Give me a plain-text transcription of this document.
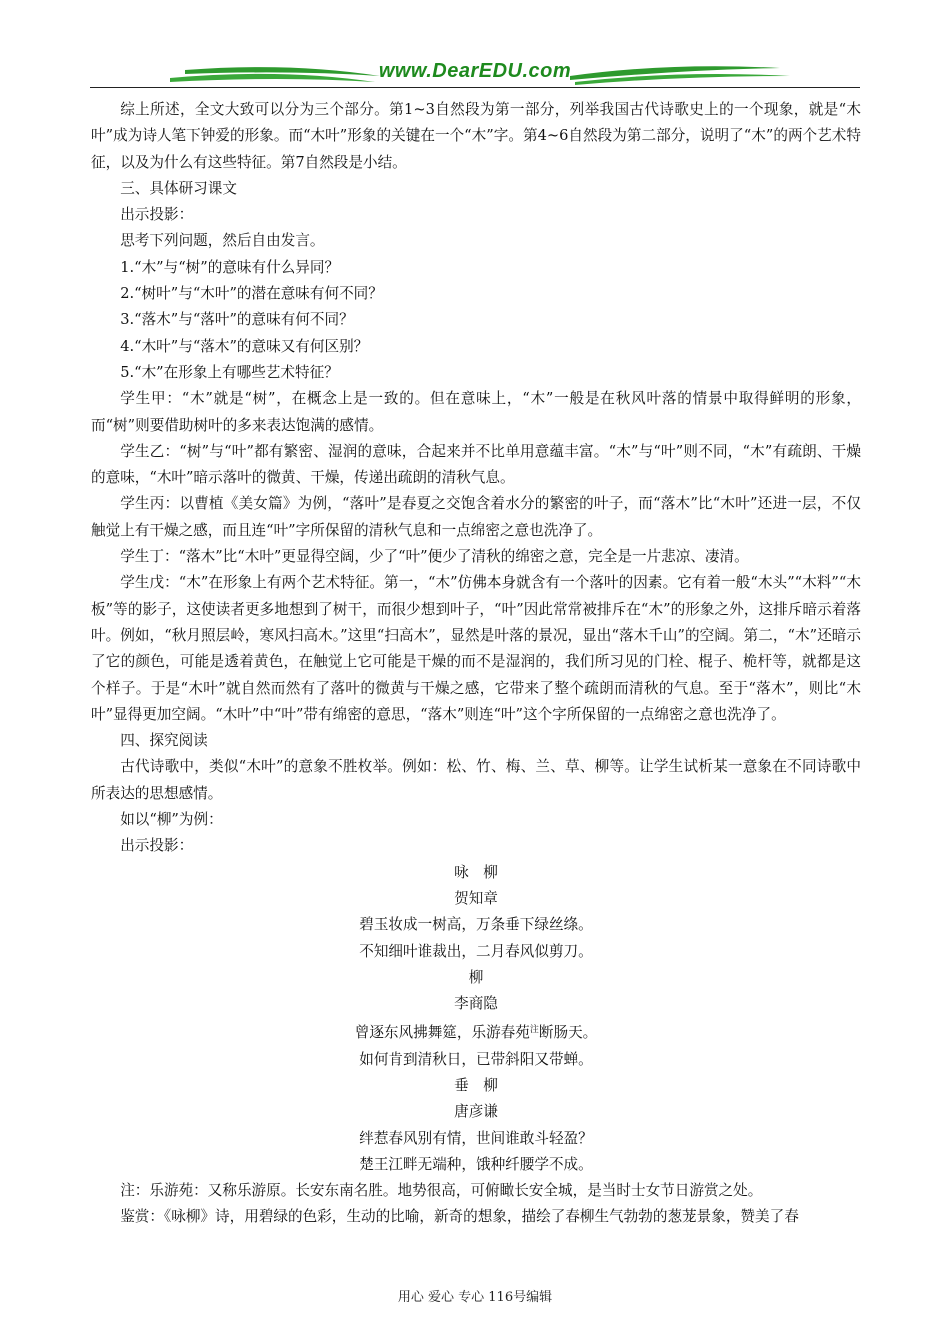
www.DearEDU.com

综上所述，全文大致可以分为三个部分。第1~3自然段为第一部分，列举我国古代诗歌史上的一个现象，就是“木叶”成为诗人笔下钟爱的形象。而“木叶”形象的关键在一个“木”字。第4~6自然段为第二部分，说明了“木”的两个艺术特征，以及为什么有这些特征。第7自然段是小结。

三、具体研习课文

出示投影：

思考下列问题，然后自由发言。

1.“木”与“树”的意味有什么异同？

2.“树叶”与“木叶”的潜在意味有何不同？

3.“落木”与“落叶”的意味有何不同？

4.“木叶”与“落木”的意味又有何区别？

5.“木”在形象上有哪些艺术特征？

学生甲：“木”就是“树”，在概念上是一致的。但在意味上，“木”一般是在秋风叶落的情景中取得鲜明的形象，而“树”则要借助树叶的多来表达饱满的感情。

学生乙：“树”与“叶”都有繁密、湿润的意味，合起来并不比单用意蕴丰富。“木”与“叶”则不同，“木”有疏朗、干燥的意味，“木叶”暗示落叶的微黄、干燥，传递出疏朗的清秋气息。

学生丙：以曹植《美女篇》为例，“落叶”是春夏之交饱含着水分的繁密的叶子，而“落木”比“木叶”还进一层，不仅触觉上有干燥之感，而且连“叶”字所保留的清秋气息和一点绵密之意也洗净了。

学生丁：“落木”比“木叶”更显得空阔，少了“叶”便少了清秋的绵密之意，完全是一片悲凉、凄清。

学生戊：“木”在形象上有两个艺术特征。第一，“木”仿佛本身就含有一个落叶的因素。它有着一般“木头”“木料”“木板”等的影子，这使读者更多地想到了树干，而很少想到叶子，“叶”因此常常被排斥在“木”的形象之外，这排斥暗示着落叶。例如，“秋月照层岭，寒风扫高木。”这里“扫高木”，显然是叶落的景况，显出“落木千山”的空阔。第二，“木”还暗示了它的颜色，可能是透着黄色，在触觉上它可能是干燥的而不是湿润的，我们所习见的门栓、棍子、桅杆等，就都是这个样子。于是“木叶”就自然而然有了落叶的微黄与干燥之感，它带来了整个疏朗而清秋的气息。至于“落木”，则比“木叶”显得更加空阔。“木叶”中“叶”带有绵密的意思，“落木”则连“叶”这个字所保留的一点绵密之意也洗净了。

四、探究阅读

古代诗歌中，类似“木叶”的意象不胜枚举。例如：松、竹、梅、兰、草、柳等。让学生试析某一意象在不同诗歌中所表达的思想感情。

如以“柳”为例：

出示投影：

咏　柳

贺知章

碧玉妆成一树高，万条垂下绿丝绦。

不知细叶谁裁出，二月春风似剪刀。

柳

李商隐

曾逐东风拂舞筵，乐游春苑$^注$断肠天。

如何肯到清秋日，已带斜阳又带蝉。

垂　柳

唐彦谦

绊惹春风别有情，世间谁敢斗轻盈？

楚王江畔无端种，饿种纤腰学不成。

注：乐游苑：又称乐游原。长安东南名胜。地势很高，可俯瞰长安全城，是当时士女节日游赏之处。

鉴赏：《咏柳》诗，用碧绿的色彩，生动的比喻，新奇的想象，描绘了春柳生气勃勃的葱茏景象，赞美了春

用心 爱心 专心 116号编辑
